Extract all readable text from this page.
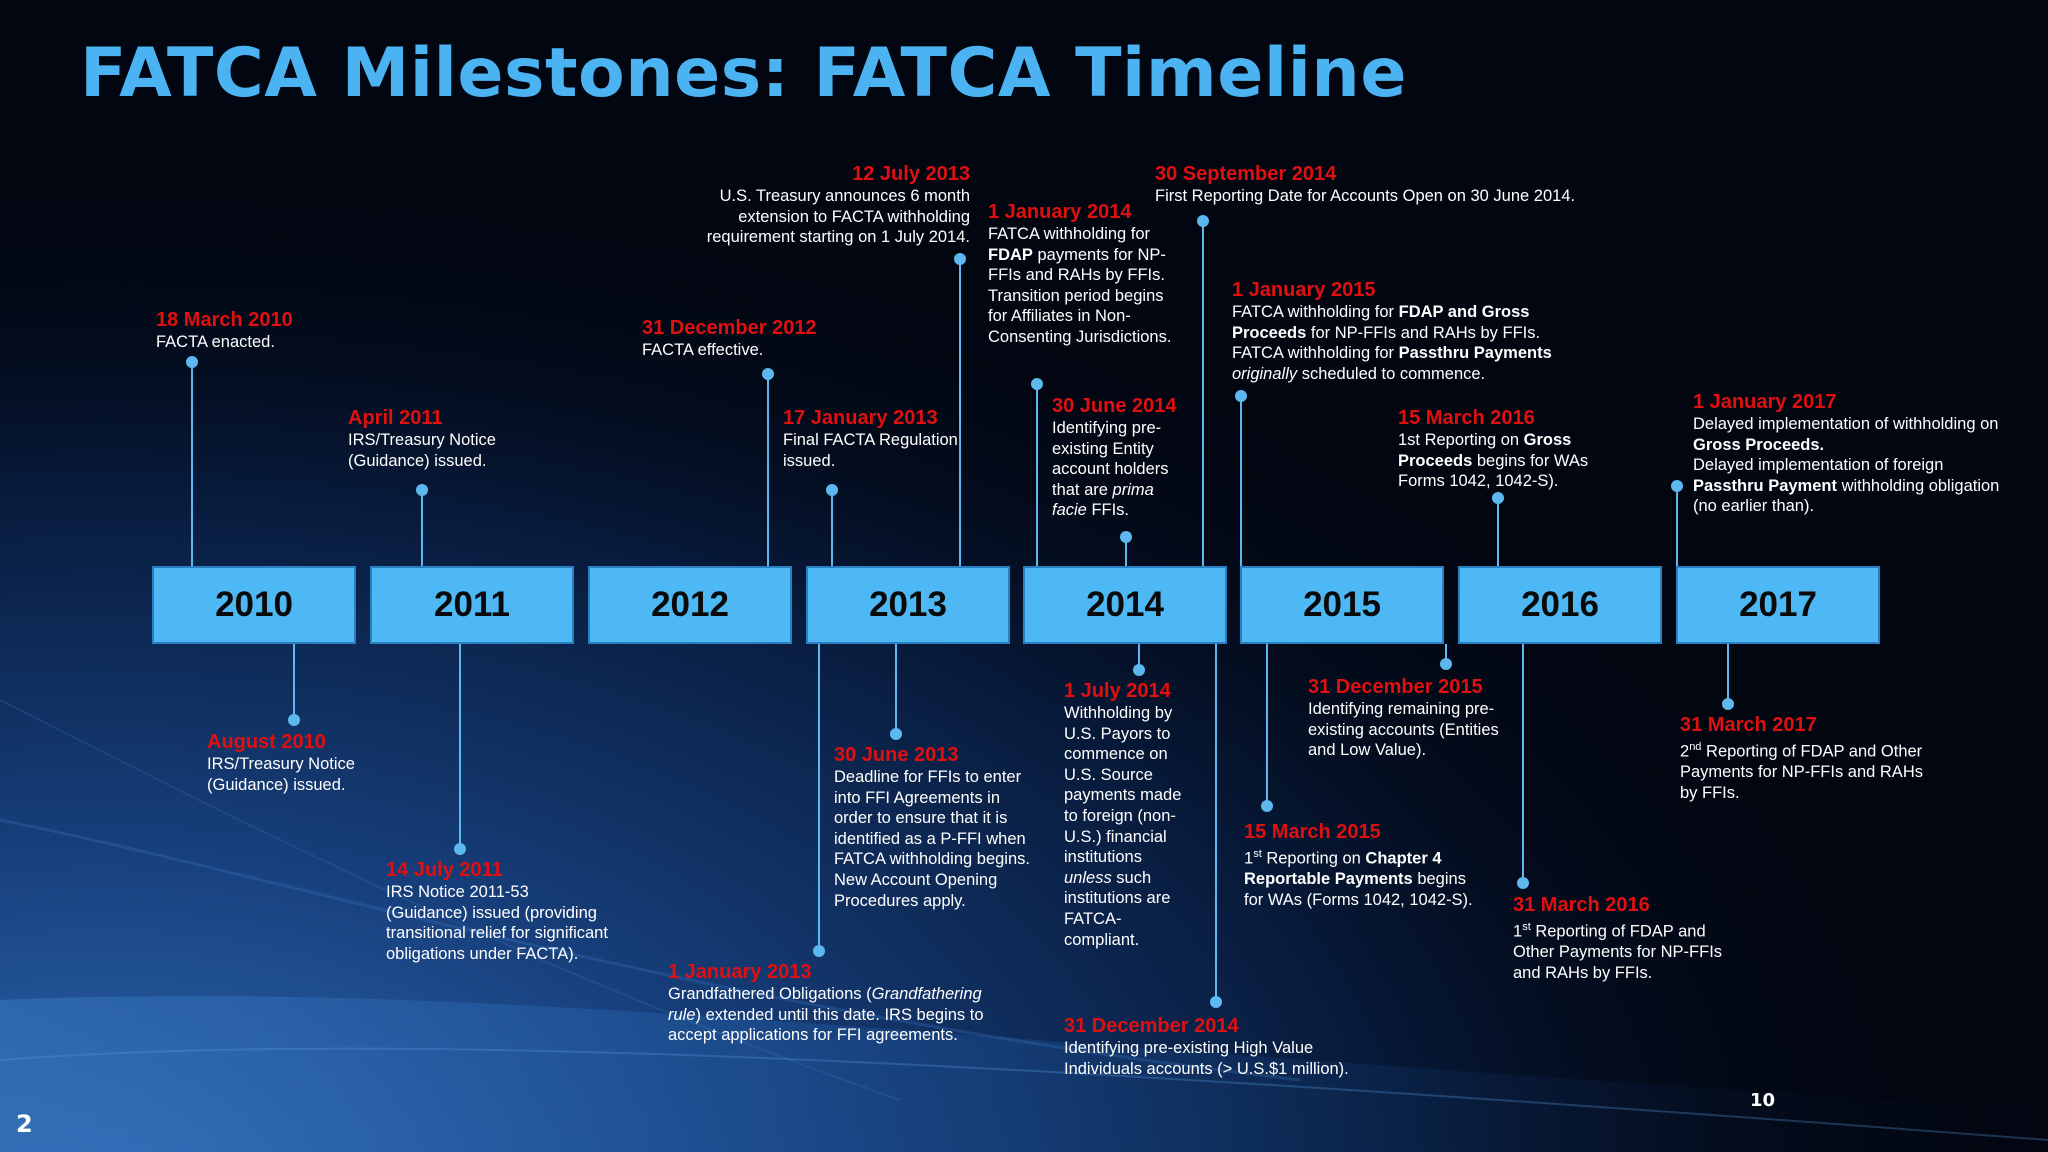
FATCA Milestones: FATCA Timeline
2010	2011	2012	2013	2014	2015	2016	2017
18 March 2010
FACTA enacted.
April 2011
IRS/Treasury Notice (Guidance) issued.
31 December 2012
FACTA effective.
17 January 2013
Final FACTA Regulation issued.
12 July 2013
U.S. Treasury announces 6 month extension to FACTA withholding requirement starting on 1 July 2014.
1 January 2014
FATCA withholding for FDAP payments for NP-FFIs and RAHs by FFIs. Transition period begins for Affiliates in Non-Consenting Jurisdictions.
30 June 2014
Identifying pre-existing Entity account holders that are prima facie FFIs.
30 September 2014
First Reporting Date for Accounts Open on 30 June 2014.
1 January 2015
FATCA withholding for FDAP and Gross Proceeds for NP-FFIs and RAHs by FFIs. FATCA withholding for Passthru Payments
originally scheduled to commence.
15 March 2016
1st Reporting on Gross Proceeds begins for WAs Forms 1042, 1042-S).
1 January 2017
Delayed implementation of withholding on Gross Proceeds.
Delayed implementation of foreign Passthru Payment withholding obligation (no earlier than).
August 2010
IRS/Treasury Notice (Guidance) issued.
14 July 2011
IRS Notice 2011-53 (Guidance) issued (providing transitional relief for significant obligations under FACTA).
1 January 2013
Grandfathered Obligations (Grandfathering rule) extended until this date. IRS begins to accept applications for FFI agreements.
30 June 2013
Deadline for FFIs to enter into FFI Agreements in order to ensure that it is identified as a P-FFI when FATCA withholding begins.
New Account Opening Procedures apply.
1 July 2014
Withholding by U.S. Payors to commence on U.S. Source payments made to foreign (non-U.S.) financial institutions unless such institutions are FATCA-compliant.
31 December 2014
Identifying pre-existing High Value Individuals accounts (> U.S.$1 million).
31 December 2015
Identifying remaining pre-existing accounts (Entities and Low Value).
15 March 2015
1st Reporting on Chapter 4 Reportable Payments begins for WAs (Forms 1042, 1042-S).	31 March 2016
1st Reporting of FDAP and Other Payments for NP-FFIs and RAHs by FFIs.
31 March 2017
2nd Reporting of FDAP and Other Payments for NP-FFIs and RAHs by FFIs.
10
2
